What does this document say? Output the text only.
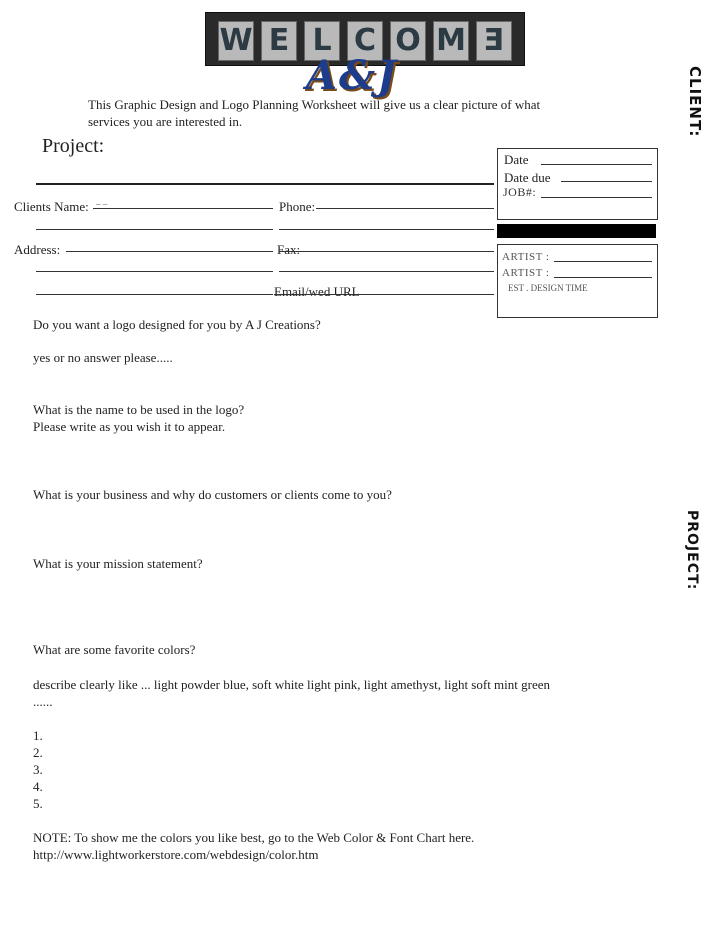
W E L C O M E
A&J	CLIENT:
PROJECT:
This Graphic Design and Logo Planning Worksheet will give us a clear picture of what
services you are interested in.
Project:
Date
Date due
JOB#:
ARTIST :
ARTIST :
EST . DESIGN TIME
Clients Name: _ _	Phone:
Address:	Fax:
Email/wed URL
Do you want a logo designed for you by A J Creations?
yes or no answer please.....
What is the name to be used in the logo?
Please write as you wish it to appear.
What is your business and why do customers or clients come to you?
What is your mission statement?
What are some favorite colors?
describe clearly like ... light powder blue, soft white light pink, light amethyst, light soft mint green
......
1.
2.
3.
4.
5.
NOTE: To show me the colors you like best, go to the Web Color & Font Chart here.
http://www.lightworkerstore.com/webdesign/color.htm
